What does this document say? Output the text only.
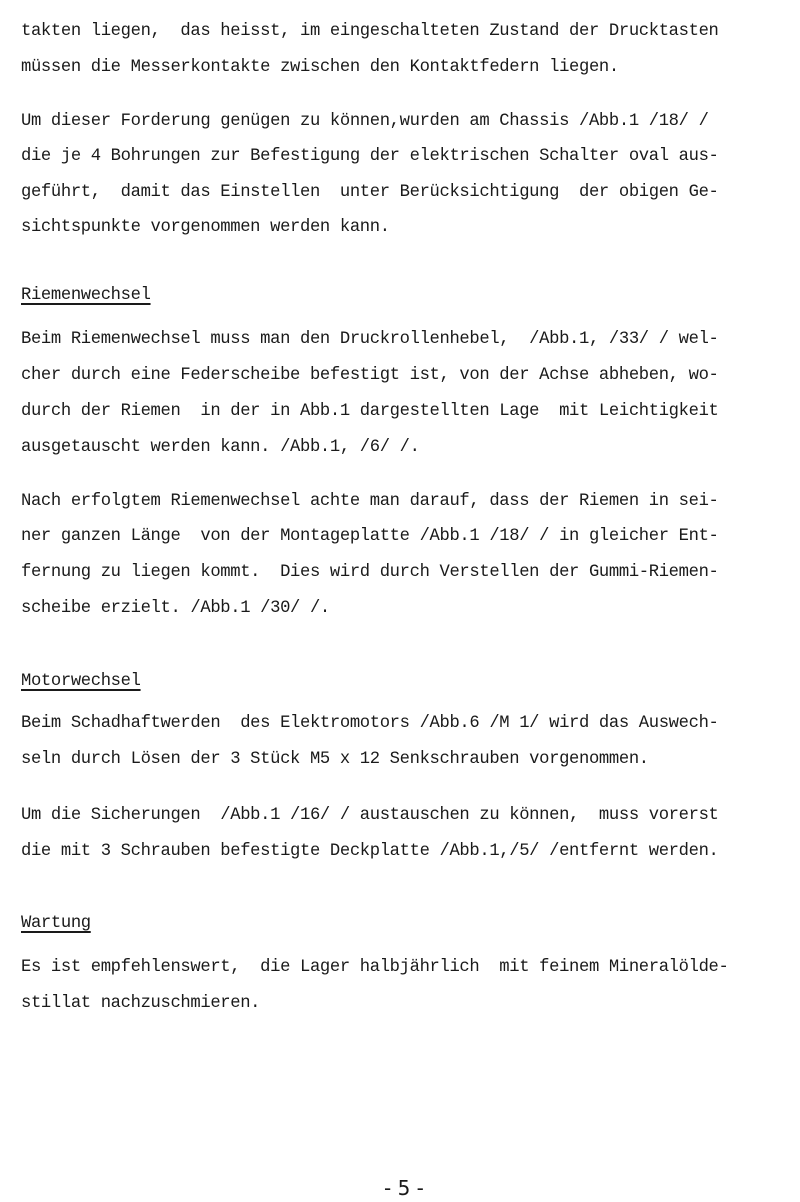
takten liegen,  das heisst, im eingeschalteten Zustand der Drucktasten
müssen die Messerkontakte zwischen den Kontaktfedern liegen.
Um dieser Forderung genügen zu können,wurden am Chassis /Abb.1 /18/ /
die je 4 Bohrungen zur Befestigung der elektrischen Schalter oval aus-
geführt,  damit das Einstellen  unter Berücksichtigung  der obigen Ge-
sichtspunkte vorgenommen werden kann.
Riemenwechsel
Beim Riemenwechsel muss man den Druckrollenhebel,  /Abb.1, /33/ / wel-
cher durch eine Federscheibe befestigt ist, von der Achse abheben, wo-
durch der Riemen  in der in Abb.1 dargestellten Lage  mit Leichtigkeit
ausgetauscht werden kann. /Abb.1, /6/ /.
Nach erfolgtem Riemenwechsel achte man darauf, dass der Riemen in sei-
ner ganzen Länge  von der Montageplatte /Abb.1 /18/ / in gleicher Ent-
fernung zu liegen kommt.  Dies wird durch Verstellen der Gummi-Riemen-
scheibe erzielt. /Abb.1 /30/ /.
Motorwechsel
Beim Schadhaftwerden  des Elektromotors /Abb.6 /M 1/ wird das Auswech-
seln durch Lösen der 3 Stück M5 x 12 Senkschrauben vorgenommen.
Um die Sicherungen  /Abb.1 /16/ / austauschen zu können,  muss vorerst
die mit 3 Schrauben befestigte Deckplatte /Abb.1,/5/ /entfernt werden.
Wartung
Es ist empfehlenswert,  die Lager halbjährlich  mit feinem Mineralölde-
stillat nachzuschmieren.
- 5 -
